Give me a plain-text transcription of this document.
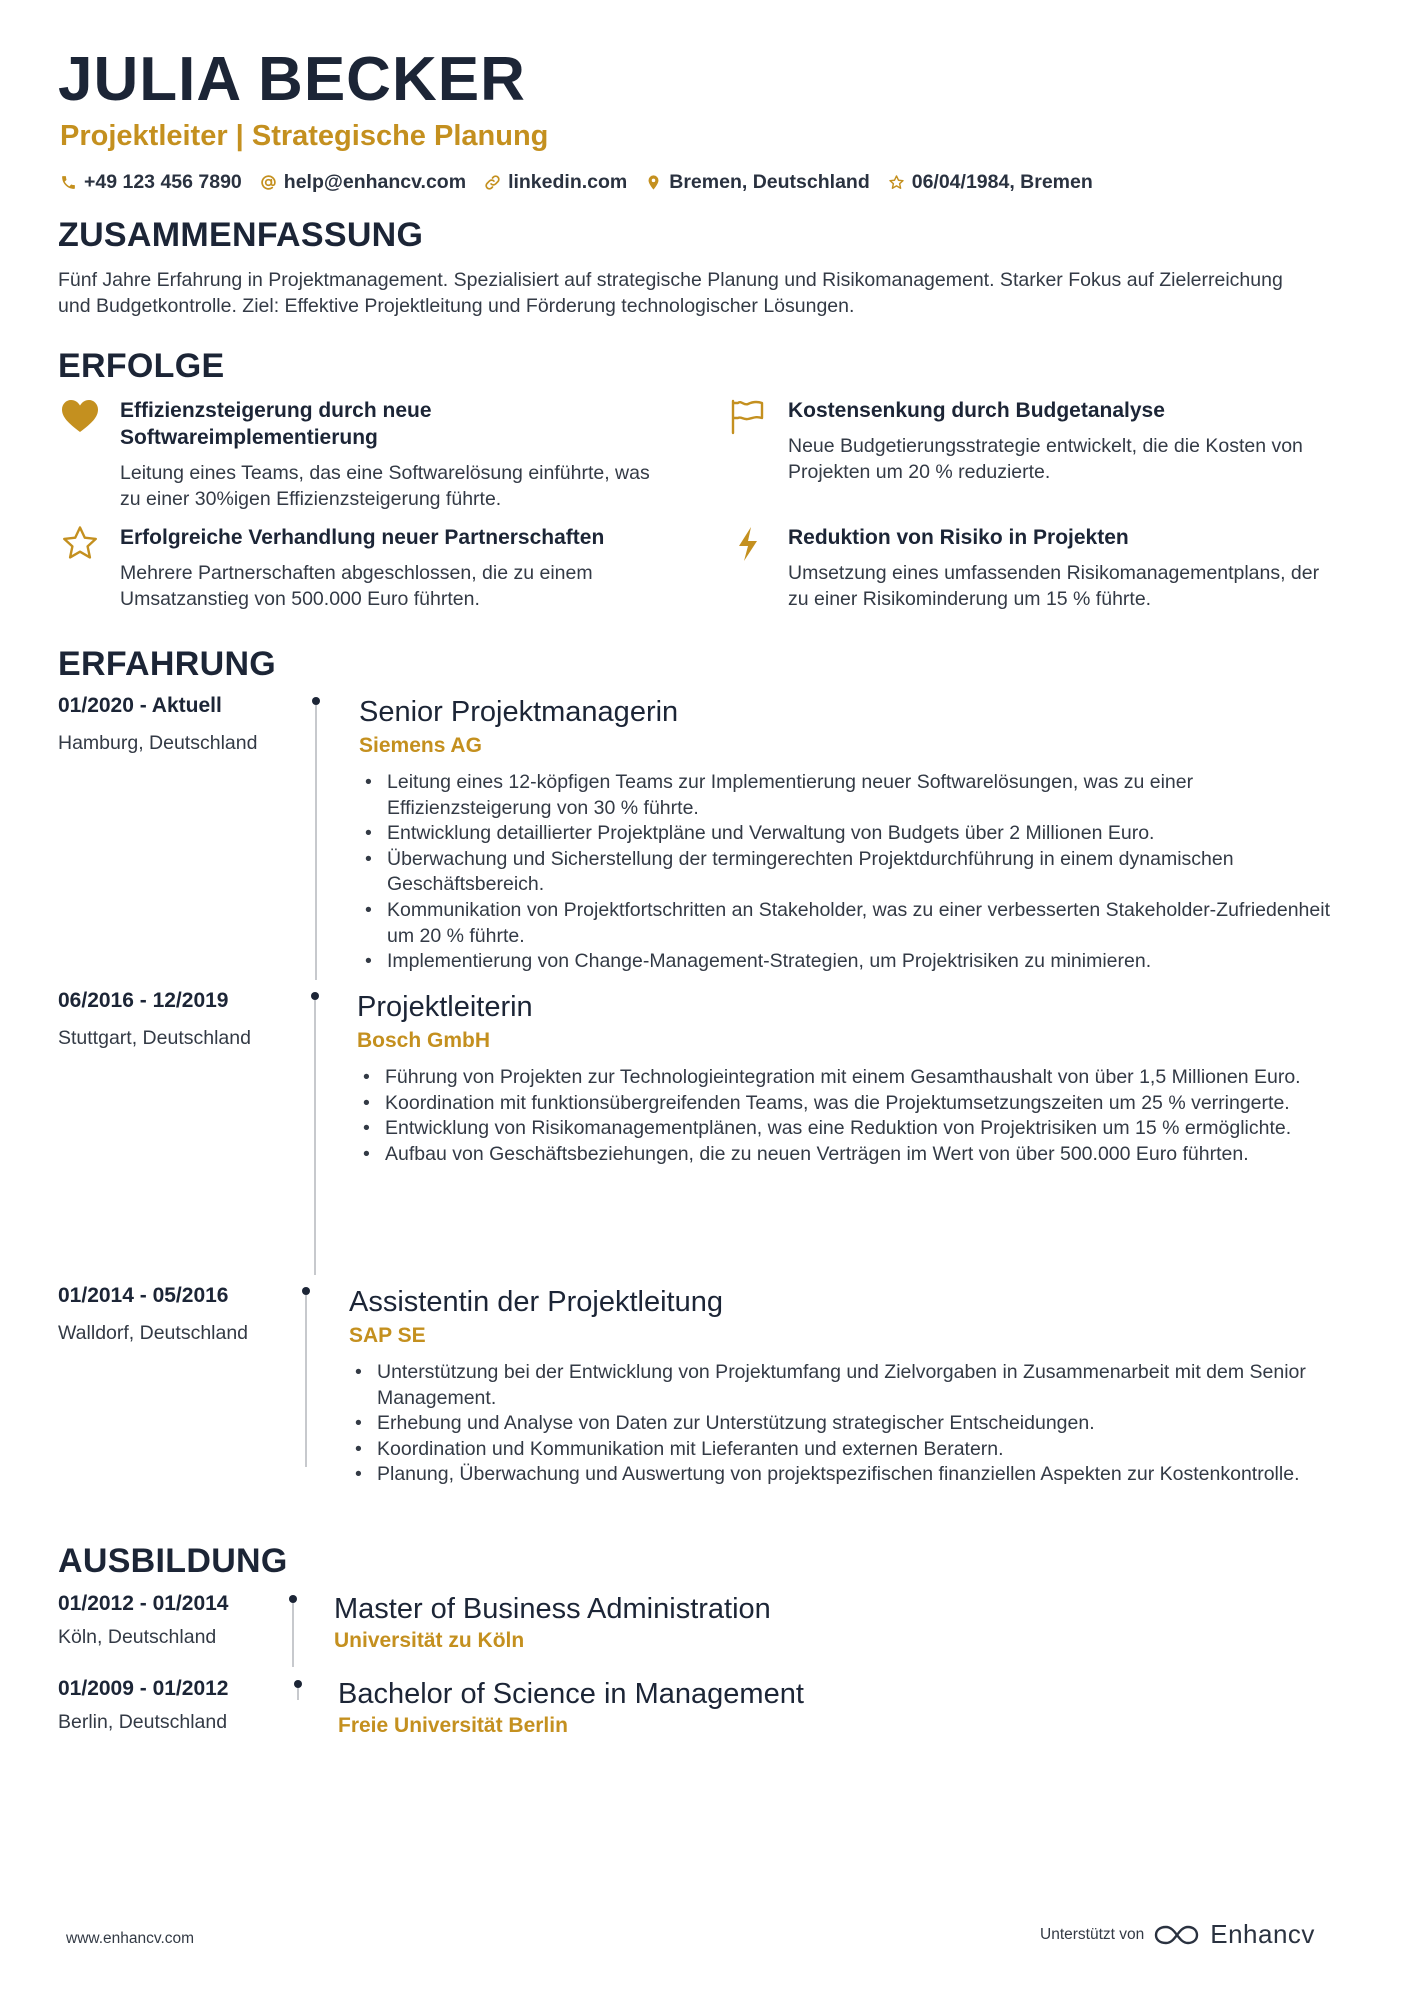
JULIA BECKER
Projektleiter | Strategische Planung
+49 123 456 7890 help@enhancv.com linkedin.com Bremen, Deutschland 06/04/1984, Bremen
ZUSAMMENFASSUNG
Fünf Jahre Erfahrung in Projektmanagement. Spezialisiert auf strategische Planung und Risikomanagement. Starker Fokus auf Zielerreichung und Budgetkontrolle. Ziel: Effektive Projektleitung und Förderung technologischer Lösungen.
ERFOLGE
Effizienzsteigerung durch neue Softwareimplementierung
Leitung eines Teams, das eine Softwarelösung einführte, was zu einer 30%igen Effizienzsteigerung führte.
Kostensenkung durch Budgetanalyse
Neue Budgetierungsstrategie entwickelt, die die Kosten von Projekten um 20 % reduzierte.
Erfolgreiche Verhandlung neuer Partnerschaften
Mehrere Partnerschaften abgeschlossen, die zu einem Umsatzanstieg von 500.000 Euro führten.
Reduktion von Risiko in Projekten
Umsetzung eines umfassenden Risikomanagementplans, der zu einer Risikominderung um 15 % führte.
ERFAHRUNG
01/2020 - Aktuell
Hamburg, Deutschland
Senior Projektmanagerin
Siemens AG
• Leitung eines 12-köpfigen Teams zur Implementierung neuer Softwarelösungen, was zu einer Effizienzsteigerung von 30 % führte.
• Entwicklung detaillierter Projektpläne und Verwaltung von Budgets über 2 Millionen Euro.
• Überwachung und Sicherstellung der termingerechten Projektdurchführung in einem dynamischen Geschäftsbereich.
• Kommunikation von Projektfortschritten an Stakeholder, was zu einer verbesserten Stakeholder-Zufriedenheit um 20 % führte.
• Implementierung von Change-Management-Strategien, um Projektrisiken zu minimieren.
06/2016 - 12/2019
Stuttgart, Deutschland
Projektleiterin
Bosch GmbH
• Führung von Projekten zur Technologieintegration mit einem Gesamthaushalt von über 1,5 Millionen Euro.
• Koordination mit funktionsübergreifenden Teams, was die Projektumsetzungszeiten um 25 % verringerte.
• Entwicklung von Risikomanagementplänen, was eine Reduktion von Projektrisiken um 15 % ermöglichte.
• Aufbau von Geschäftsbeziehungen, die zu neuen Verträgen im Wert von über 500.000 Euro führten.
01/2014 - 05/2016
Walldorf, Deutschland
Assistentin der Projektleitung
SAP SE
• Unterstützung bei der Entwicklung von Projektumfang und Zielvorgaben in Zusammenarbeit mit dem Senior Management.
• Erhebung und Analyse von Daten zur Unterstützung strategischer Entscheidungen.
• Koordination und Kommunikation mit Lieferanten und externen Beratern.
• Planung, Überwachung und Auswertung von projektspezifischen finanziellen Aspekten zur Kostenkontrolle.
AUSBILDUNG
01/2012 - 01/2014
Köln, Deutschland
Master of Business Administration
Universität zu Köln
01/2009 - 01/2012
Berlin, Deutschland
Bachelor of Science in Management
Freie Universität Berlin
www.enhancv.com	Unterstützt von	Enhancv
